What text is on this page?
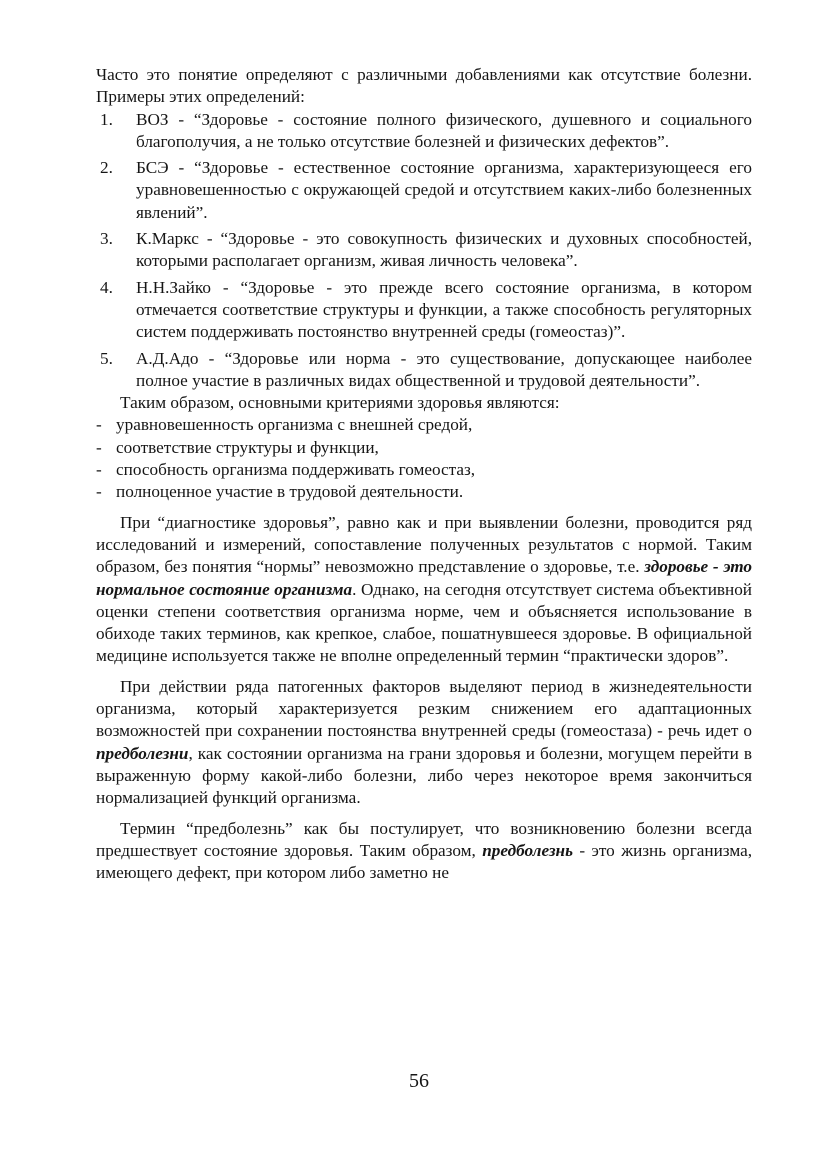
Часто это понятие определяют с различными добавлениями как отсутствие болезни. Примеры этих определений:

1. ВОЗ - “Здоровье - состояние полного физического, душевного и социального благополучия, а не только отсутствие болезней и физических дефектов”.
2. БСЭ - “Здоровье - естественное состояние организма, характеризующееся его уравновешенностью с окружающей средой и отсутствием каких-либо болезненных явлений”.
3. К.Маркс - “Здоровье - это совокупность физических и духовных способностей, которыми располагает организм, живая личность человека”.
4. Н.Н.Зайко - “Здоровье - это прежде всего состояние организма, в котором отмечается соответствие структуры и функции, а также способность регуляторных систем поддерживать постоянство внутренней среды (гомеостаз)”.
5. А.Д.Адо - “Здоровье или норма - это существование, допускающее наиболее полное участие в различных видах общественной и трудовой деятельности”.

Таким образом, основными критериями здоровья являются:

- уравновешенность организма с внешней средой,
- соответствие структуры и функции,
- способность организма поддерживать гомеостаз,
- полноценное участие в трудовой деятельности.

При “диагностике здоровья”, равно как и при выявлении болезни, проводится ряд исследований и измерений, сопоставление полученных результатов с нормой. Таким образом, без понятия “нормы” невозможно представление о здоровье, т.е. здоровье - это нормальное состояние организма. Однако, на сегодня отсутствует система объективной оценки степени соответствия организма норме, чем и объясняется использование в обиходе таких терминов, как крепкое, слабое, пошатнувшееся здоровье. В официальной медицине используется также не вполне определенный термин “практически здоров”.

При действии ряда патогенных факторов выделяют период в жизнедеятельности организма, который характеризуется резким снижением его адаптационных возможностей при сохранении постоянства внутренней среды (гомеостаза) - речь идет о предболезни, как состоянии организма на грани здоровья и болезни, могущем перейти в выраженную форму какой-либо болезни, либо через некоторое время закончиться нормализацией функций организма.

Термин “предболезнь” как бы постулирует, что возникновению болезни всегда предшествует состояние здоровья. Таким образом, предболезнь - это жизнь организма, имеющего дефект, при котором либо заметно не

56
